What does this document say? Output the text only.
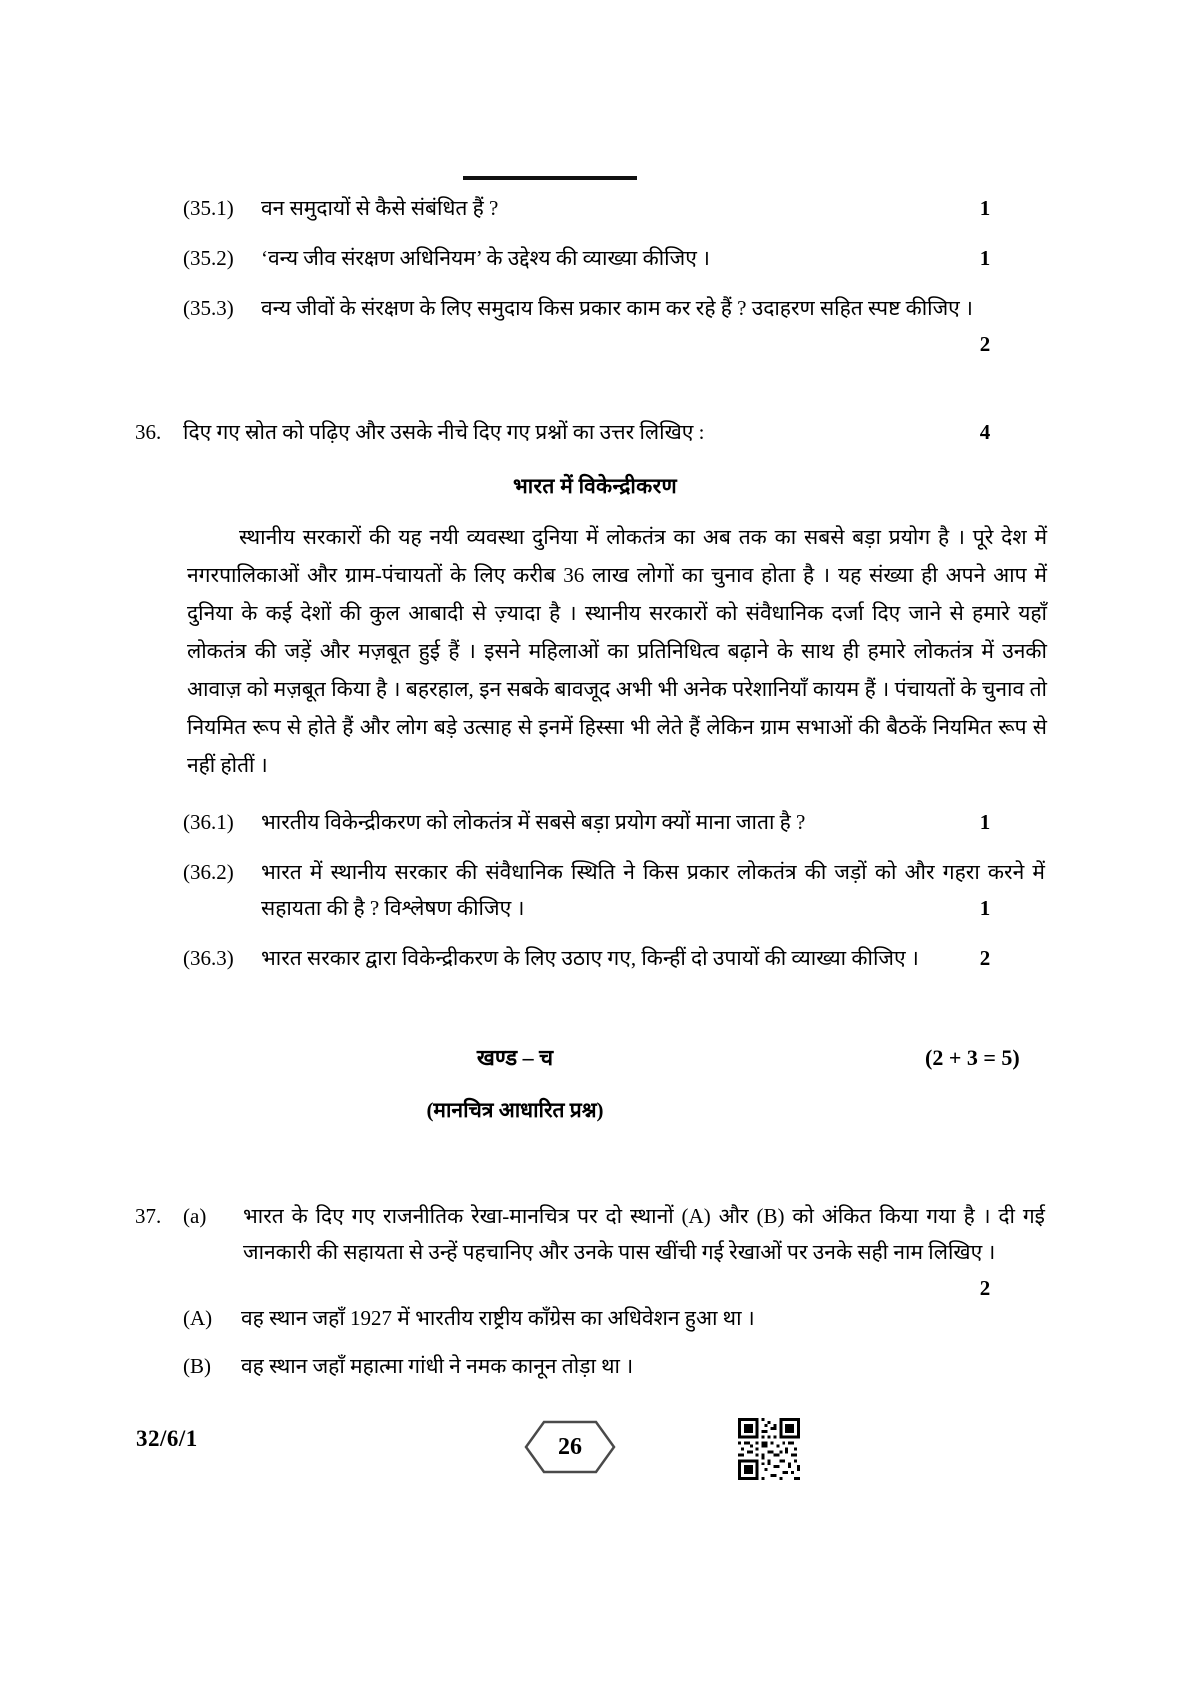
(35.1)	वन समुदायों से कैसे संबंधित हैं ?	1
(35.2)	‘वन्य जीव संरक्षण अधिनियम’ के उद्देश्य की व्याख्या कीजिए ।	1
(35.3)	वन्य जीवों के संरक्षण के लिए समुदाय किस प्रकार काम कर रहे हैं ? उदाहरण सहित स्पष्ट कीजिए ।
2
36.	दिए गए स्रोत को पढ़िए और उसके नीचे दिए गए प्रश्नों का उत्तर लिखिए :	4
भारत में विकेन्द्रीकरण
स्थानीय सरकारों की यह नयी व्यवस्था दुनिया में लोकतंत्र का अब तक का सबसे बड़ा प्रयोग है । पूरे देश में नगरपालिकाओं और ग्राम-पंचायतों के लिए करीब 36 लाख लोगों का चुनाव होता है । यह संख्या ही अपने आप में दुनिया के कई देशों की कुल आबादी से ज़्यादा है । स्थानीय सरकारों को संवैधानिक दर्जा दिए जाने से हमारे यहाँ लोकतंत्र की जड़ें और मज़बूत हुई हैं । इसने महिलाओं का प्रतिनिधित्व बढ़ाने के साथ ही हमारे लोकतंत्र में उनकी आवाज़ को मज़बूत किया है । बहरहाल, इन सबके बावजूद अभी भी अनेक परेशानियाँ कायम हैं । पंचायतों के चुनाव तो नियमित रूप से होते हैं और लोग बड़े उत्साह से इनमें हिस्सा भी लेते हैं लेकिन ग्राम सभाओं की बैठकें नियमित रूप से नहीं होतीं ।
(36.1)	भारतीय विकेन्द्रीकरण को लोकतंत्र में सबसे बड़ा प्रयोग क्यों माना जाता है ?	1
(36.2)	भारत में स्थानीय सरकार की संवैधानिक स्थिति ने किस प्रकार लोकतंत्र की जड़ों को और गहरा करने में सहायता की है ? विश्लेषण कीजिए ।	1
(36.3)	भारत सरकार द्वारा विकेन्द्रीकरण के लिए उठाए गए, किन्हीं दो उपायों की व्याख्या कीजिए ।	2
खण्ड – च	(2 + 3 = 5)
(मानचित्र आधारित प्रश्न)
37.	(a)	भारत के दिए गए राजनीतिक रेखा-मानचित्र पर दो स्थानों (A) और (B) को अंकित किया गया है । दी गई जानकारी की सहायता से उन्हें पहचानिए और उनके पास खींची गई रेखाओं पर उनके सही नाम लिखिए ।
2
(A)	वह स्थान जहाँ 1927 में भारतीय राष्ट्रीय काँग्रेस का अधिवेशन हुआ था ।
(B)	वह स्थान जहाँ महात्मा गांधी ने नमक कानून तोड़ा था ।
32/6/1	26
